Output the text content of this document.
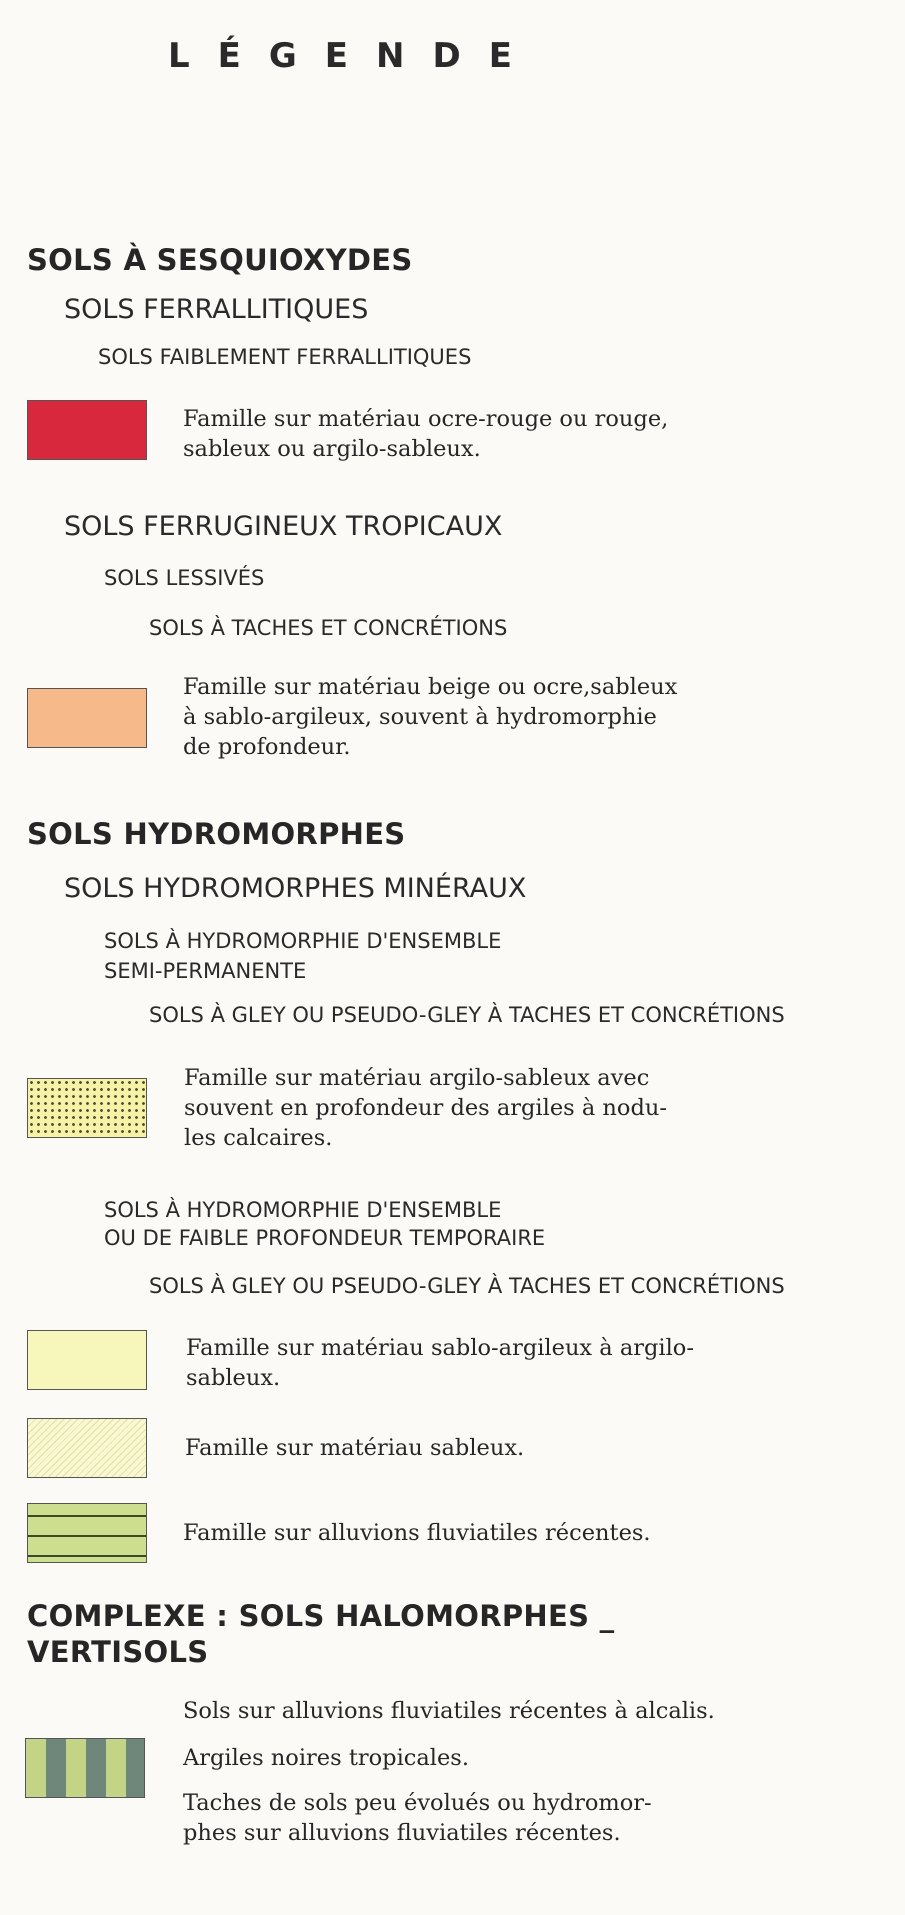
LÉGENDE
SOLS À SESQUIOXYDES
SOLS FERRALLITIQUES
SOLS FAIBLEMENT FERRALLITIQUES
Famille sur matériau ocre-rouge ou rouge,
sableux ou argilo-sableux.
SOLS FERRUGINEUX TROPICAUX
SOLS LESSIVÉS
SOLS À TACHES ET CONCRÉTIONS
Famille sur matériau beige ou ocre,sableux
à sablo-argileux, souvent à hydromorphie
de profondeur.
SOLS HYDROMORPHES
SOLS HYDROMORPHES MINÉRAUX
SOLS À HYDROMORPHIE D'ENSEMBLE
SEMI-PERMANENTE
SOLS À GLEY OU PSEUDO-GLEY À TACHES ET CONCRÉTIONS
Famille sur matériau argilo-sableux avec
souvent en profondeur des argiles à nodu-
les calcaires.
SOLS À HYDROMORPHIE D'ENSEMBLE
OU DE FAIBLE PROFONDEUR TEMPORAIRE
SOLS À GLEY OU PSEUDO-GLEY À TACHES ET CONCRÉTIONS
Famille sur matériau sablo-argileux à argilo-
sableux.
Famille sur matériau sableux.
Famille sur alluvions fluviatiles récentes.
COMPLEXE : SOLS HALOMORPHES _
VERTISOLS
Sols sur alluvions fluviatiles récentes à alcalis.
Argiles noires tropicales.
Taches de sols peu évolués ou hydromor-
phes sur alluvions fluviatiles récentes.
